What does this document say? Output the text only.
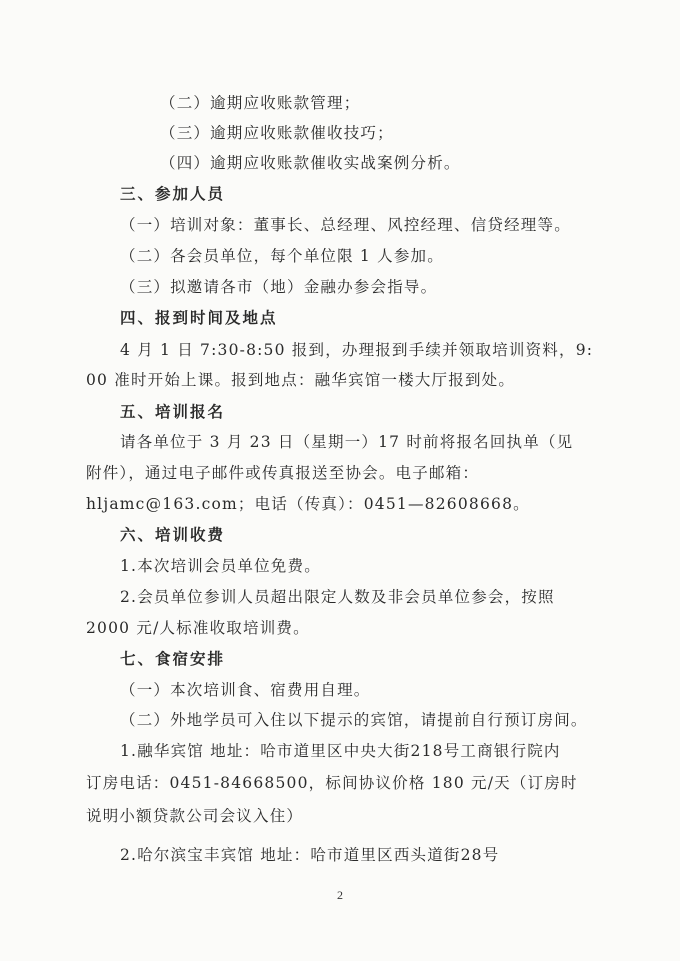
（二）逾期应收账款管理；
（三）逾期应收账款催收技巧；
（四）逾期应收账款催收实战案例分析。
三、参加人员
（一）培训对象：董事长、总经理、风控经理、信贷经理等。
（二）各会员单位，每个单位限 1 人参加。
（三）拟邀请各市（地）金融办参会指导。
四、报到时间及地点
4 月 1 日 7:30-8:50 报到，办理报到手续并领取培训资料，9:
00 准时开始上课。报到地点：融华宾馆一楼大厅报到处。
五、培训报名
请各单位于 3 月 23 日（星期一）17 时前将报名回执单（见
附件），通过电子邮件或传真报送至协会。电子邮箱：
hljamc@163.com；电话（传真）：0451—82608668。
六、培训收费
1.本次培训会员单位免费。
2.会员单位参训人员超出限定人数及非会员单位参会，按照
2000 元/人标准收取培训费。
七、食宿安排
（一）本次培训食、宿费用自理。
（二）外地学员可入住以下提示的宾馆，请提前自行预订房间。
1.融华宾馆 地址：哈市道里区中央大街218号工商银行院内
订房电话：0451-84668500，标间协议价格 180 元/天（订房时
说明小额贷款公司会议入住）
2.哈尔滨宝丰宾馆 地址：哈市道里区西头道街28号
2
